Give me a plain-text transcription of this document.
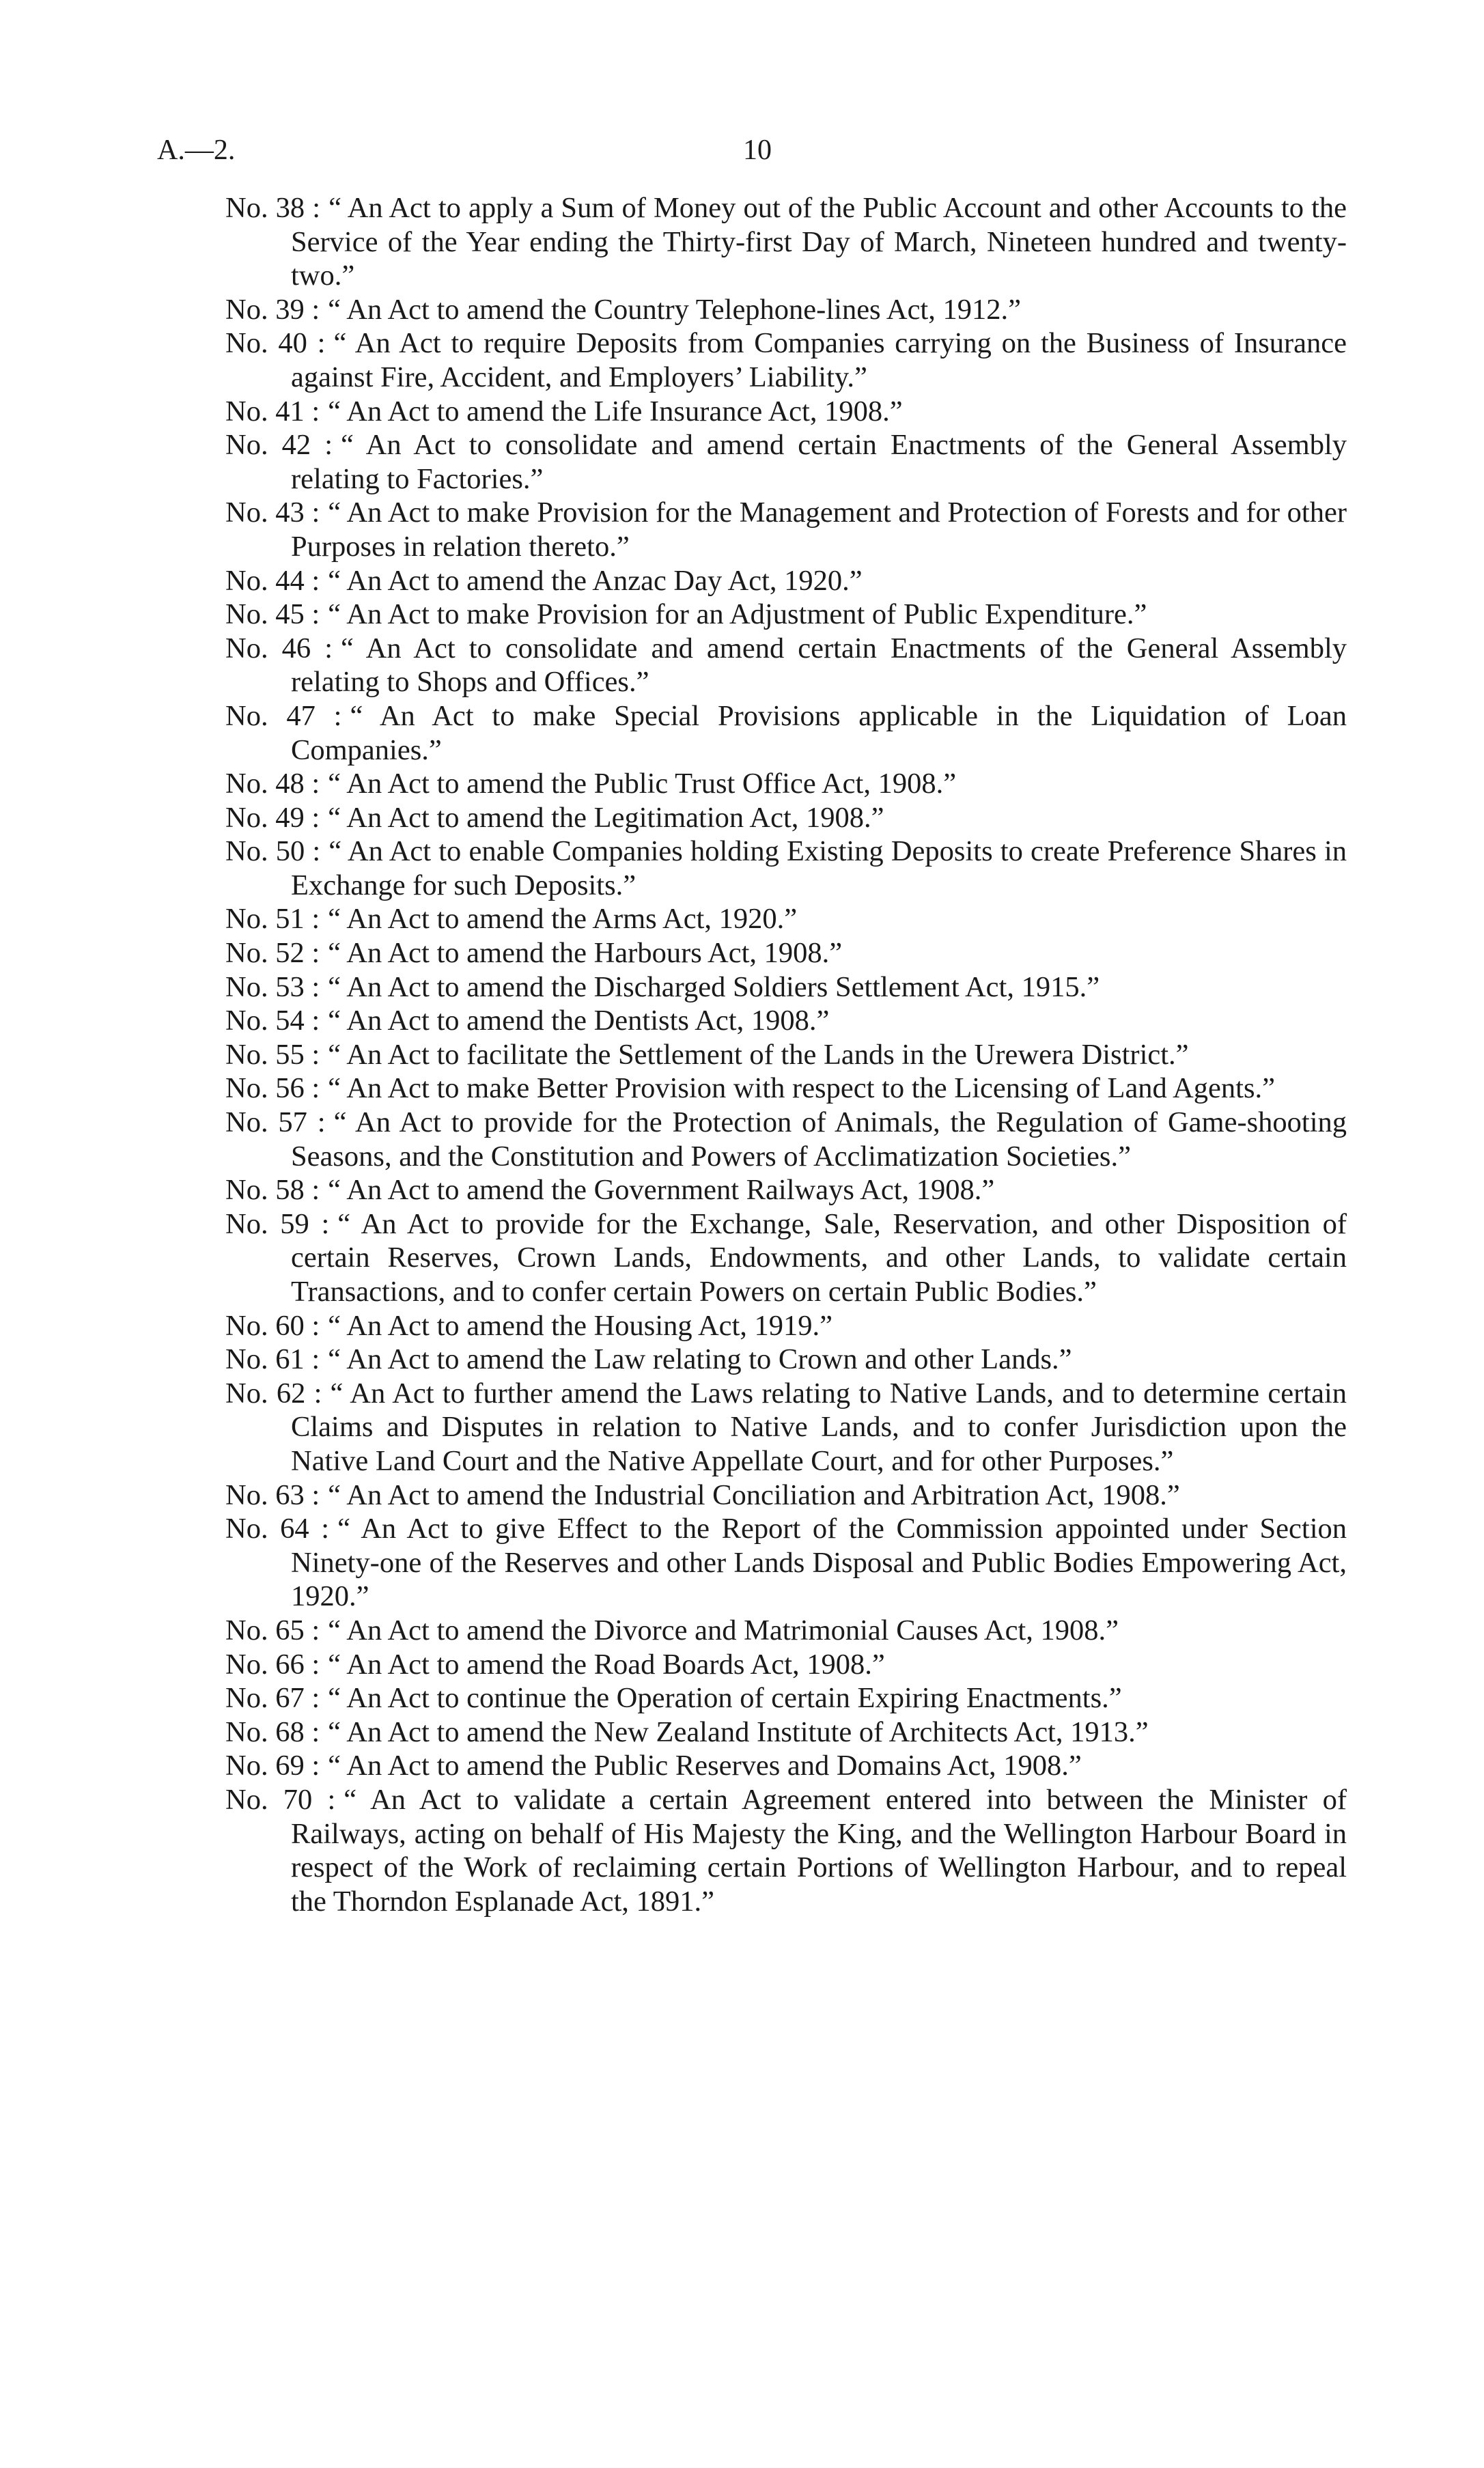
A.—2.	10
No. 38 : “ An Act to apply a Sum of Money out of the Public Account and other Accounts to the Service of the Year ending the Thirty-first Day of March, Nineteen hundred and twenty-two.”
No. 39 : “ An Act to amend the Country Telephone-lines Act, 1912.”
No. 40 : “ An Act to require Deposits from Companies carrying on the Business of Insurance against Fire, Accident, and Employers’ Liability.”
No. 41 : “ An Act to amend the Life Insurance Act, 1908.”
No. 42 : “ An Act to consolidate and amend certain Enactments of the General Assembly relating to Factories.”
No. 43 : “ An Act to make Provision for the Management and Protection of Forests and for other Purposes in relation thereto.”
No. 44 : “ An Act to amend the Anzac Day Act, 1920.”
No. 45 : “ An Act to make Provision for an Adjustment of Public Expenditure.”
No. 46 : “ An Act to consolidate and amend certain Enactments of the General Assembly relating to Shops and Offices.”
No. 47 : “ An Act to make Special Provisions applicable in the Liquidation of Loan Companies.”
No. 48 : “ An Act to amend the Public Trust Office Act, 1908.”
No. 49 : “ An Act to amend the Legitimation Act, 1908.”
No. 50 : “ An Act to enable Companies holding Existing Deposits to create Preference Shares in Exchange for such Deposits.”
No. 51 : “ An Act to amend the Arms Act, 1920.”
No. 52 : “ An Act to amend the Harbours Act, 1908.”
No. 53 : “ An Act to amend the Discharged Soldiers Settlement Act, 1915.”
No. 54 : “ An Act to amend the Dentists Act, 1908.”
No. 55 : “ An Act to facilitate the Settlement of the Lands in the Urewera District.”
No. 56 : “ An Act to make Better Provision with respect to the Licensing of Land Agents.”
No. 57 : “ An Act to provide for the Protection of Animals, the Regulation of Game-shooting Seasons, and the Constitution and Powers of Acclimatization Societies.”
No. 58 : “ An Act to amend the Government Railways Act, 1908.”
No. 59 : “ An Act to provide for the Exchange, Sale, Reservation, and other Disposition of certain Reserves, Crown Lands, Endowments, and other Lands, to validate certain Transactions, and to confer certain Powers on certain Public Bodies.”
No. 60 : “ An Act to amend the Housing Act, 1919.”
No. 61 : “ An Act to amend the Law relating to Crown and other Lands.”
No. 62 : “ An Act to further amend the Laws relating to Native Lands, and to determine certain Claims and Disputes in relation to Native Lands, and to confer Jurisdiction upon the Native Land Court and the Native Appellate Court, and for other Purposes.”
No. 63 : “ An Act to amend the Industrial Conciliation and Arbitration Act, 1908.”
No. 64 : “ An Act to give Effect to the Report of the Commission appointed under Section Ninety-one of the Reserves and other Lands Disposal and Public Bodies Empowering Act, 1920.”
No. 65 : “ An Act to amend the Divorce and Matrimonial Causes Act, 1908.”
No. 66 : “ An Act to amend the Road Boards Act, 1908.”
No. 67 : “ An Act to continue the Operation of certain Expiring Enactments.”
No. 68 : “ An Act to amend the New Zealand Institute of Architects Act, 1913.”
No. 69 : “ An Act to amend the Public Reserves and Domains Act, 1908.”
No. 70 : “ An Act to validate a certain Agreement entered into between the Minister of Railways, acting on behalf of His Majesty the King, and the Wellington Harbour Board in respect of the Work of reclaiming certain Portions of Wellington Harbour, and to repeal the Thorndon Esplanade Act, 1891.”
